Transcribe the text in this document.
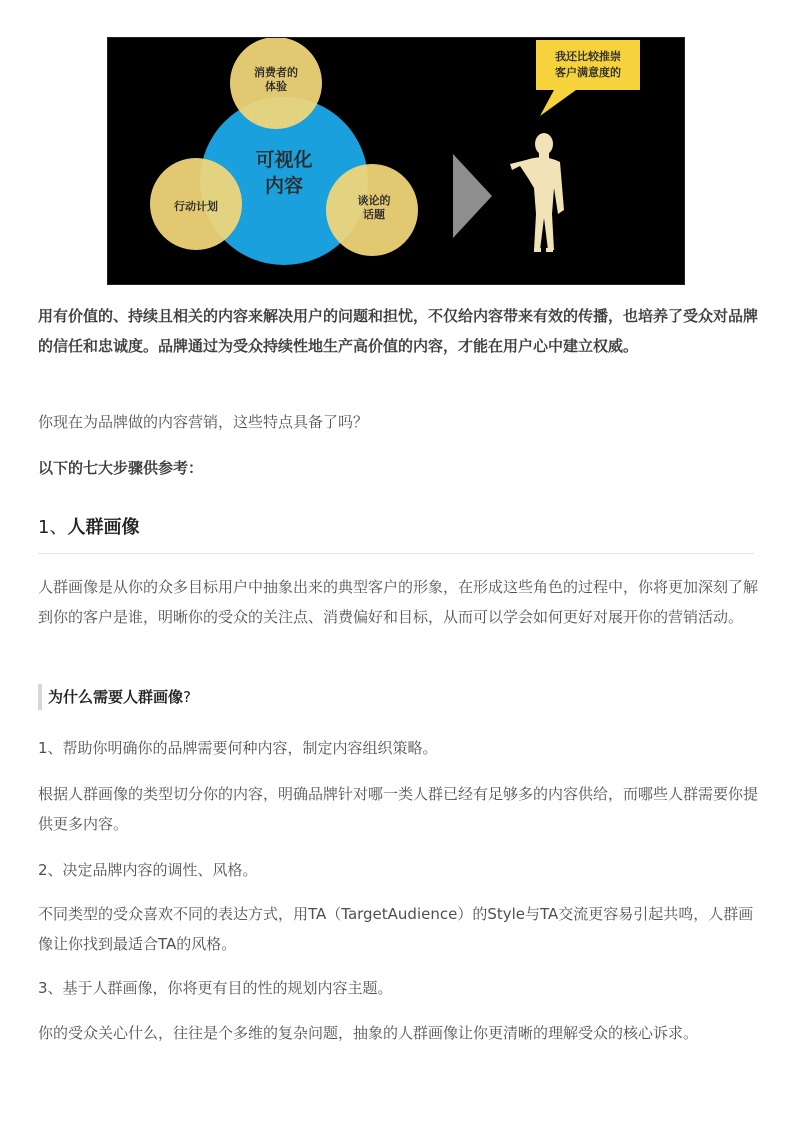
消费者的
体验
可视化
内容
行动计划	谈论的
话题
我还比较推崇
客户满意度的

用有价值的、持续且相关的内容来解决用户的问题和担忧，不仅给内容带来有效的传播，也培养了受众对品牌的信任和忠诚度。品牌通过为受众持续性地生产高价值的内容，才能在用户心中建立权威。

你现在为品牌做的内容营销，这些特点具备了吗？

以下的七大步骤供参考：

1、人群画像

人群画像是从你的众多目标用户中抽象出来的典型客户的形象，在形成这些角色的过程中，你将更加深刻了解到你的客户是谁，明晰你的受众的关注点、消费偏好和目标，从而可以学会如何更好对展开你的营销活动。

为什么需要人群画像?

1、帮助你明确你的品牌需要何种内容，制定内容组织策略。

根据人群画像的类型切分你的内容，明确品牌针对哪一类人群已经有足够多的内容供给，而哪些人群需要你提供更多内容。

2、决定品牌内容的调性、风格。

不同类型的受众喜欢不同的表达方式，用TA（TargetAudience）的Style与TA交流更容易引起共鸣，人群画像让你找到最适合TA的风格。

3、基于人群画像，你将更有目的性的规划内容主题。

你的受众关心什么，往往是个多维的复杂问题，抽象的人群画像让你更清晰的理解受众的核心诉求。
